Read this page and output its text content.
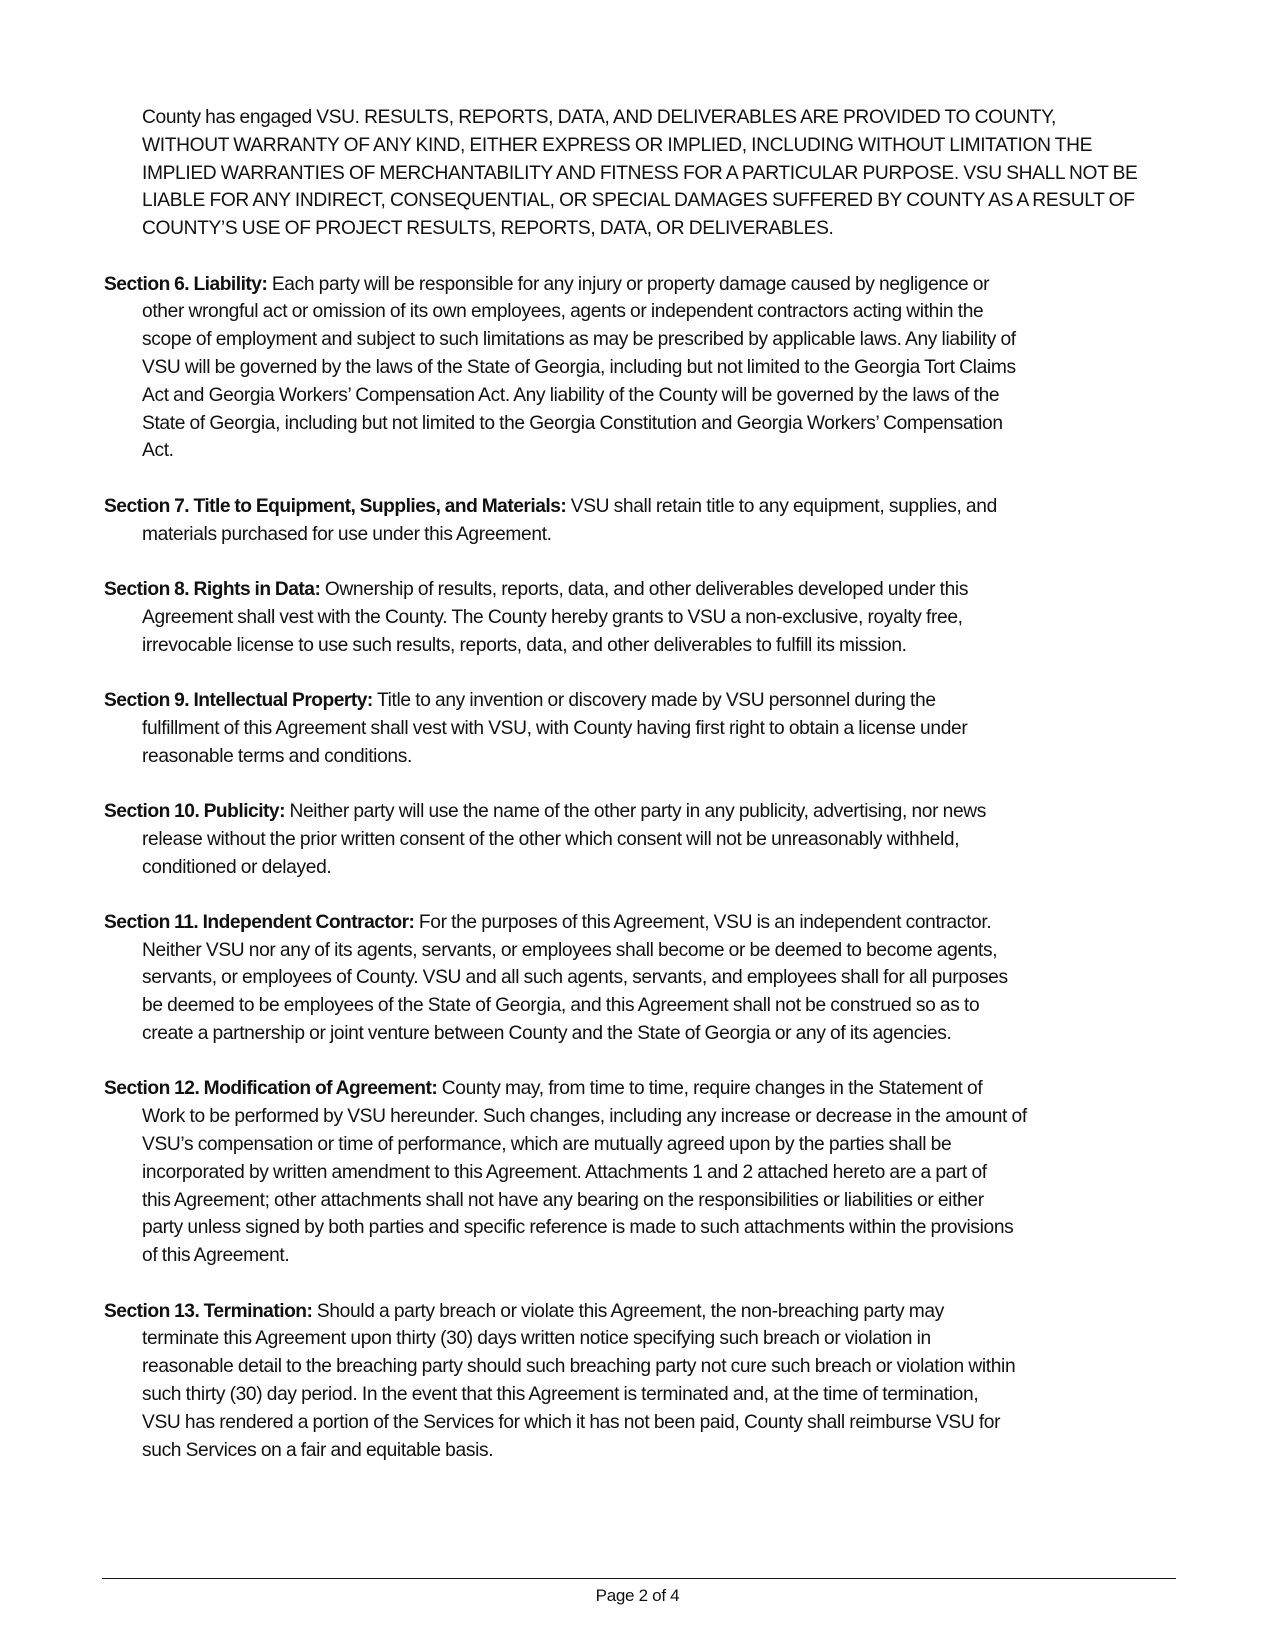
County has engaged VSU. RESULTS, REPORTS, DATA, AND DELIVERABLES ARE PROVIDED TO COUNTY,
WITHOUT WARRANTY OF ANY KIND, EITHER EXPRESS OR IMPLIED, INCLUDING WITHOUT LIMITATION THE
IMPLIED WARRANTIES OF MERCHANTABILITY AND FITNESS FOR A PARTICULAR PURPOSE. VSU SHALL NOT BE
LIABLE FOR ANY INDIRECT, CONSEQUENTIAL, OR SPECIAL DAMAGES SUFFERED BY COUNTY AS A RESULT OF
COUNTY’S USE OF PROJECT RESULTS, REPORTS, DATA, OR DELIVERABLES.
Section 6. Liability: Each party will be responsible for any injury or property damage caused by negligence or
other wrongful act or omission of its own employees, agents or independent contractors acting within the
scope of employment and subject to such limitations as may be prescribed by applicable laws. Any liability of
VSU will be governed by the laws of the State of Georgia, including but not limited to the Georgia Tort Claims
Act and Georgia Workers’ Compensation Act. Any liability of the County will be governed by the laws of the
State of Georgia, including but not limited to the Georgia Constitution and Georgia Workers’ Compensation
Act.
Section 7. Title to Equipment, Supplies, and Materials: VSU shall retain title to any equipment, supplies, and
materials purchased for use under this Agreement.
Section 8. Rights in Data: Ownership of results, reports, data, and other deliverables developed under this
Agreement shall vest with the County. The County hereby grants to VSU a non-exclusive, royalty free,
irrevocable license to use such results, reports, data, and other deliverables to fulfill its mission.
Section 9. Intellectual Property: Title to any invention or discovery made by VSU personnel during the
fulfillment of this Agreement shall vest with VSU, with County having first right to obtain a license under
reasonable terms and conditions.
Section 10. Publicity: Neither party will use the name of the other party in any publicity, advertising, nor news
release without the prior written consent of the other which consent will not be unreasonably withheld,
conditioned or delayed.
Section 11. Independent Contractor: For the purposes of this Agreement, VSU is an independent contractor.
Neither VSU nor any of its agents, servants, or employees shall become or be deemed to become agents,
servants, or employees of County. VSU and all such agents, servants, and employees shall for all purposes
be deemed to be employees of the State of Georgia, and this Agreement shall not be construed so as to
create a partnership or joint venture between County and the State of Georgia or any of its agencies.
Section 12. Modification of Agreement: County may, from time to time, require changes in the Statement of
Work to be performed by VSU hereunder. Such changes, including any increase or decrease in the amount of
VSU’s compensation or time of performance, which are mutually agreed upon by the parties shall be
incorporated by written amendment to this Agreement. Attachments 1 and 2 attached hereto are a part of
this Agreement; other attachments shall not have any bearing on the responsibilities or liabilities or either
party unless signed by both parties and specific reference is made to such attachments within the provisions
of this Agreement.
Section 13. Termination: Should a party breach or violate this Agreement, the non-breaching party may
terminate this Agreement upon thirty (30) days written notice specifying such breach or violation in
reasonable detail to the breaching party should such breaching party not cure such breach or violation within
such thirty (30) day period. In the event that this Agreement is terminated and, at the time of termination,
VSU has rendered a portion of the Services for which it has not been paid, County shall reimburse VSU for
such Services on a fair and equitable basis.
Page 2 of 4
